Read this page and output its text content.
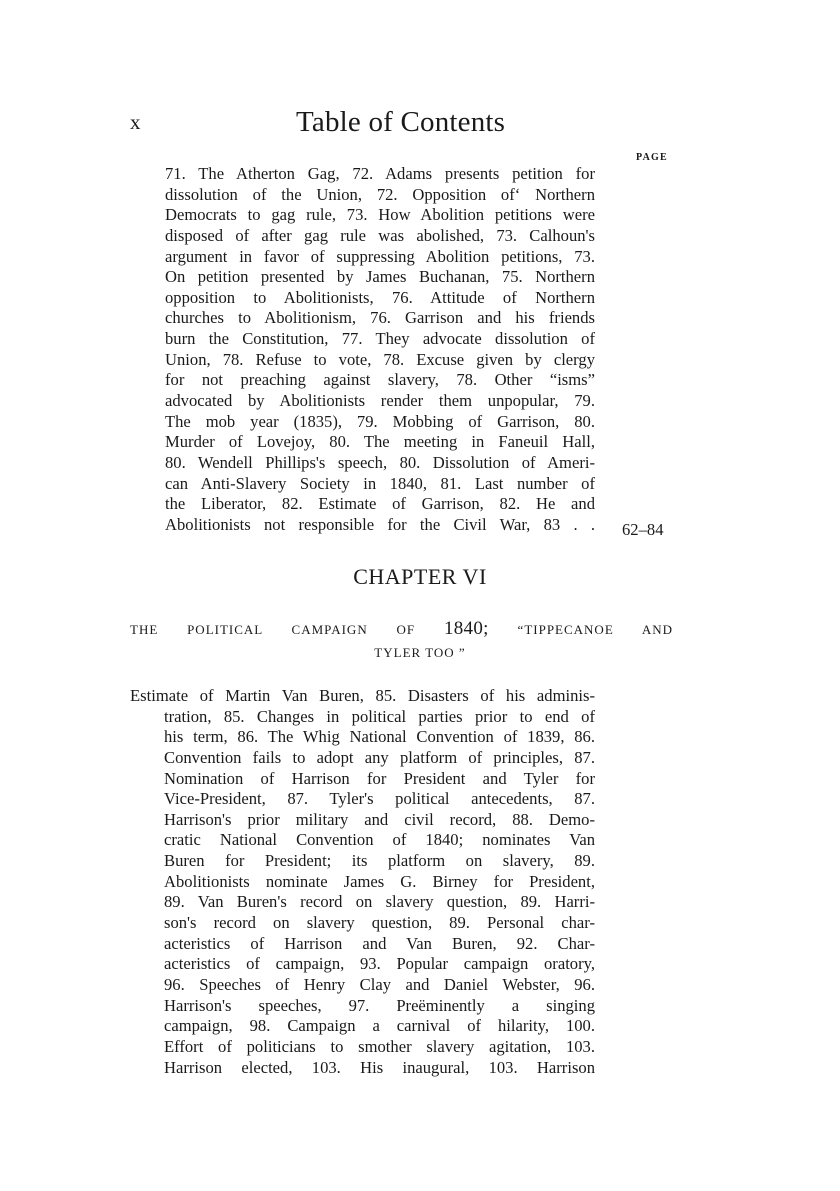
x	Table of Contents
PAGE
71. The Atherton Gag, 72. Adams presents petition for
dissolution of the Union, 72. Opposition of‘ Northern
Democrats to gag rule, 73. How Abolition petitions were
disposed of after gag rule was abolished, 73. Calhoun's
argument in favor of suppressing Abolition petitions, 73.
On petition presented by James Buchanan, 75. Northern
opposition to Abolitionists, 76. Attitude of Northern
churches to Abolitionism, 76. Garrison and his friends
burn the Constitution, 77. They advocate dissolution of
Union, 78. Refuse to vote, 78. Excuse given by clergy
for not preaching against slavery, 78. Other “isms”
advocated by Abolitionists render them unpopular, 79.
The mob year (1835), 79. Mobbing of Garrison, 80.
Murder of Lovejoy, 80. The meeting in Faneuil Hall,
80. Wendell Phillips's speech, 80. Dissolution of Ameri-
can Anti-Slavery Society in 1840, 81. Last number of
the Liberator, 82. Estimate of Garrison, 82. He and
Abolitionists not responsible for the Civil War, 83 . . 62–84
CHAPTER VI
THE POLITICAL CAMPAIGN OF 1840; “TIPPECANOE AND
TYLER TOO ”
Estimate of Martin Van Buren, 85. Disasters of his adminis-
tration, 85. Changes in political parties prior to end of
his term, 86. The Whig National Convention of 1839, 86.
Convention fails to adopt any platform of principles, 87.
Nomination of Harrison for President and Tyler for
Vice-President, 87. Tyler's political antecedents, 87.
Harrison's prior military and civil record, 88. Demo-
cratic National Convention of 1840; nominates Van
Buren for President; its platform on slavery, 89.
Abolitionists nominate James G. Birney for President,
89. Van Buren's record on slavery question, 89. Harri-
son's record on slavery question, 89. Personal char-
acteristics of Harrison and Van Buren, 92. Char-
acteristics of campaign, 93. Popular campaign oratory,
96. Speeches of Henry Clay and Daniel Webster, 96.
Harrison's speeches, 97. Preëminently a singing
campaign, 98. Campaign a carnival of hilarity, 100.
Effort of politicians to smother slavery agitation, 103.
Harrison elected, 103. His inaugural, 103. Harrison
